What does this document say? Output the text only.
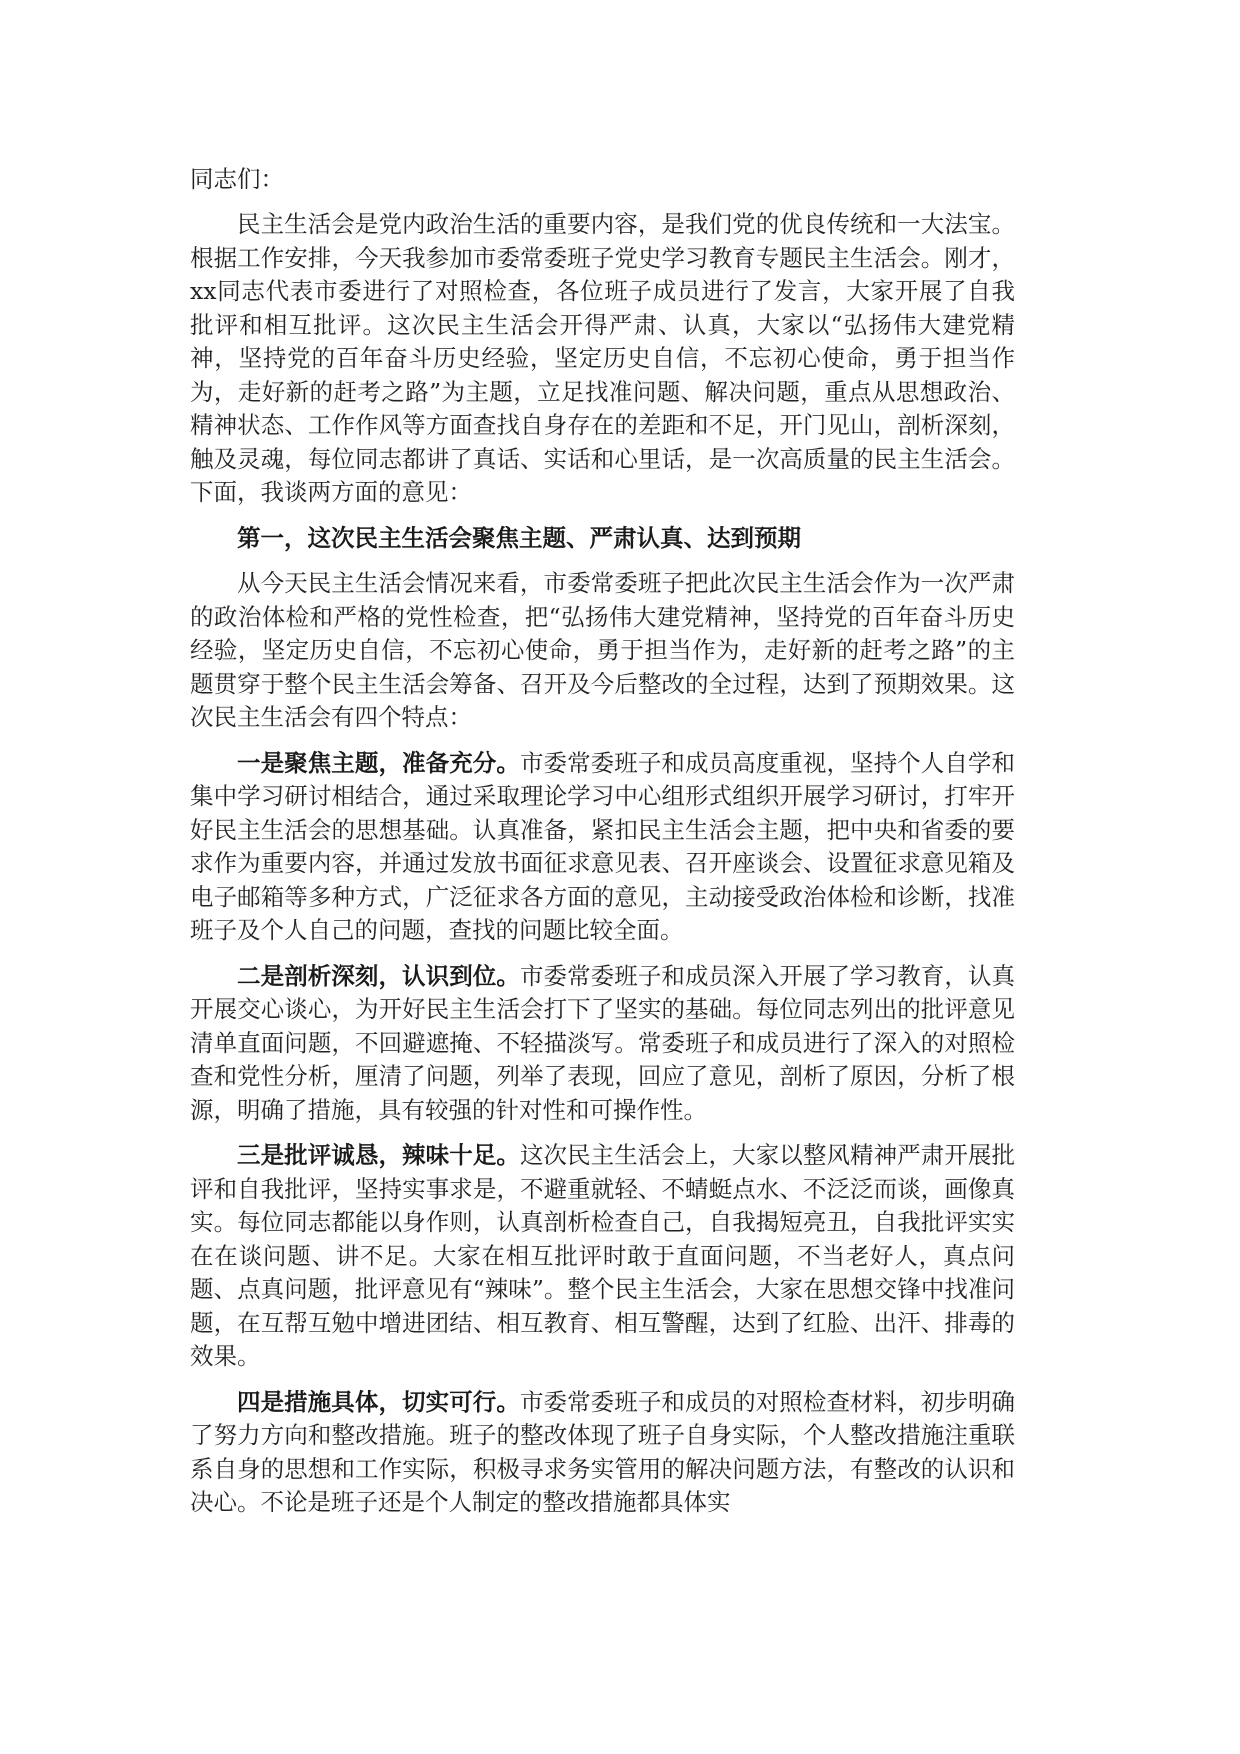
同志们：

民主生活会是党内政治生活的重要内容，是我们党的优良传统和一大法宝。根据工作安排，今天我参加市委常委班子党史学习教育专题民主生活会。刚才，xx同志代表市委进行了对照检查，各位班子成员进行了发言，大家开展了自我批评和相互批评。这次民主生活会开得严肃、认真，大家以“弘扬伟大建党精神，坚持党的百年奋斗历史经验，坚定历史自信，不忘初心使命，勇于担当作为，走好新的赶考之路”为主题，立足找准问题、解决问题，重点从思想政治、精神状态、工作作风等方面查找自身存在的差距和不足，开门见山，剖析深刻，触及灵魂，每位同志都讲了真话、实话和心里话，是一次高质量的民主生活会。下面，我谈两方面的意见：

第一，这次民主生活会聚焦主题、严肃认真、达到预期

从今天民主生活会情况来看，市委常委班子把此次民主生活会作为一次严肃的政治体检和严格的党性检查，把“弘扬伟大建党精神，坚持党的百年奋斗历史经验，坚定历史自信，不忘初心使命，勇于担当作为，走好新的赶考之路”的主题贯穿于整个民主生活会筹备、召开及今后整改的全过程，达到了预期效果。这次民主生活会有四个特点：

一是聚焦主题，准备充分。市委常委班子和成员高度重视，坚持个人自学和集中学习研讨相结合，通过采取理论学习中心组形式组织开展学习研讨，打牢开好民主生活会的思想基础。认真准备，紧扣民主生活会主题，把中央和省委的要求作为重要内容，并通过发放书面征求意见表、召开座谈会、设置征求意见箱及电子邮箱等多种方式，广泛征求各方面的意见，主动接受政治体检和诊断，找准班子及个人自己的问题，查找的问题比较全面。

二是剖析深刻，认识到位。市委常委班子和成员深入开展了学习教育，认真开展交心谈心，为开好民主生活会打下了坚实的基础。每位同志列出的批评意见清单直面问题，不回避遮掩、不轻描淡写。常委班子和成员进行了深入的对照检查和党性分析，厘清了问题，列举了表现，回应了意见，剖析了原因，分析了根源，明确了措施，具有较强的针对性和可操作性。

三是批评诚恳，辣味十足。这次民主生活会上，大家以整风精神严肃开展批评和自我批评，坚持实事求是，不避重就轻、不蜻蜓点水、不泛泛而谈，画像真实。每位同志都能以身作则，认真剖析检查自己，自我揭短亮丑，自我批评实实在在谈问题、讲不足。大家在相互批评时敢于直面问题，不当老好人，真点问题、点真问题，批评意见有“辣味”。整个民主生活会，大家在思想交锋中找准问题，在互帮互勉中增进团结、相互教育、相互警醒，达到了红脸、出汗、排毒的效果。

四是措施具体，切实可行。市委常委班子和成员的对照检查材料，初步明确了努力方向和整改措施。班子的整改体现了班子自身实际，个人整改措施注重联系自身的思想和工作实际，积极寻求务实管用的解决问题方法，有整改的认识和决心。不论是班子还是个人制定的整改措施都具体实
